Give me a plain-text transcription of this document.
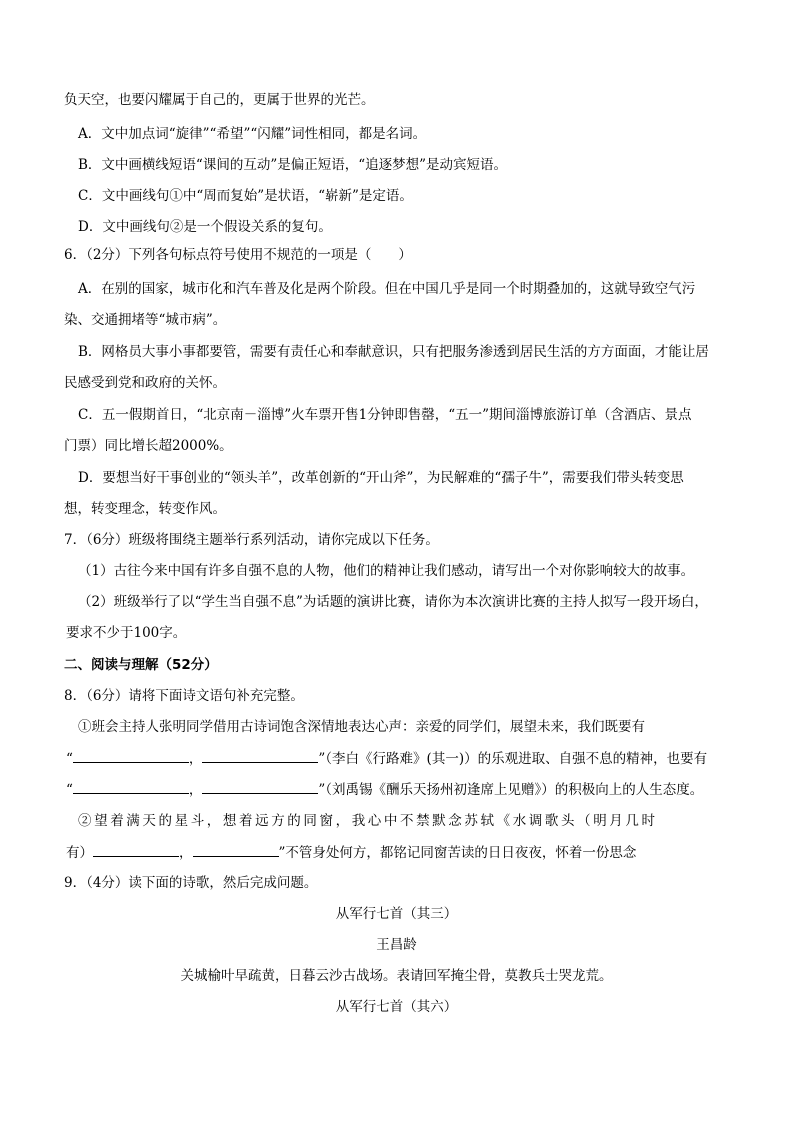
负天空，也要闪耀属于自己的，更属于世界的光芒。
A．文中加点词“旋律”“希望”“闪耀”词性相同，都是名词。
B．文中画横线短语“课间的互动”是偏正短语，“追逐梦想”是动宾短语。
C．文中画线句①中“周而复始”是状语，“崭新”是定语。
D．文中画线句②是一个假设关系的复句。
6．（2分）下列各句标点符号使用不规范的一项是（　　）
A．在别的国家，城市化和汽车普及化是两个阶段。但在中国几乎是同一个时期叠加的，这就导致空气污
染、交通拥堵等“城市病”。
B．网格员大事小事都要管，需要有责任心和奉献意识，只有把服务渗透到居民生活的方方面面，才能让居
民感受到党和政府的关怀。
C．五一假期首日，“北京南－淄博”火车票开售1分钟即售罄，“五一”期间淄博旅游订单（含酒店、景点
门票）同比增长超2000%。
D．要想当好干事创业的“领头羊”，改革创新的“开山斧”，为民解难的“孺子牛”，需要我们带头转变思
想，转变理念，转变作风。
7．（6分）班级将围绕主题举行系列活动，请你完成以下任务。
（1）古往今来中国有许多自强不息的人物，他们的精神让我们感动，请写出一个对你影响较大的故事。
（2）班级举行了以“学生当自强不息”为话题的演讲比赛，请你为本次演讲比赛的主持人拟写一段开场白，
要求不少于100字。
二、阅读与理解（52分）
8．（6分）请将下面诗文语句补充完整。
①班会主持人张明同学借用古诗词饱含深情地表达心声：亲爱的同学们，展望未来，我们既要有
“	，	”（李白《行路难》(其一)）的乐观进取、自强不息的精神，也要有
“	，	”（刘禹锡《酬乐天扬州初逢席上见赠》）的积极向上的人生态度。
②望着满天的星斗，想着远方的同窗，我心中不禁默念苏轼《水调歌头（明月几时
有）	，	”不管身处何方，都铭记同窗苦读的日日夜夜，怀着一份思念
9．（4分）读下面的诗歌，然后完成问题。
从军行七首（其三）
王昌龄
关城榆叶早疏黄，日暮云沙古战场。表请回军掩尘骨，莫教兵士哭龙荒。
从军行七首（其六）
